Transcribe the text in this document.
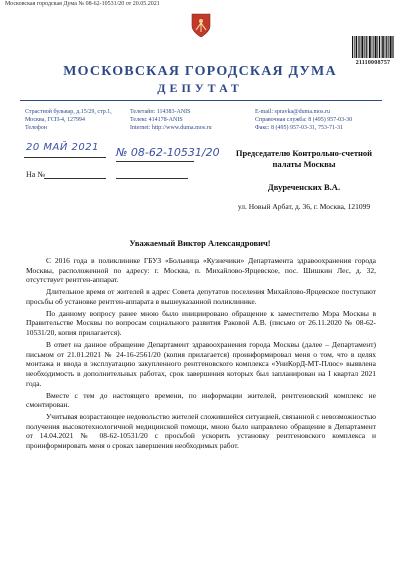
Московская городская Дума № 08-62-10531/20 от 20.05.2021
21110008757
МОСКОВСКАЯ ГОРОДСКАЯ ДУМА
ДЕПУТАТ
Страстной бульвар, д.15/29, стр.1,
Москва, ГСП-4, 127994
Телефон
Телетайп: 114383-ANIS
Телекс 414178-ANIS
Internet: http://www.duma.mos.ru
E-mail: spravka@duma.mos.ru
Справочная служба: 8 (495) 957-03-30
Факс: 8 (495) 957-03-31, 753-71-31
20 МАЙ 2021 № 08-62-10531/20
На №
Председателю Контрольно-счетной
палаты Москвы
Двуреченских В.А.
ул. Новый Арбат, д. 36, г. Москва, 121099
Уважаемый Виктор Александрович!

С 2016 года в поликлинике ГБУЗ «Больница «Кузнечики» Департамента здравоохранения города Москвы, расположенной по адресу: г. Москва, п. Михайлово-Ярцевское, пос. Шишкин Лес, д. 32, отсутствует рентген-аппарат.

Длительное время от жителей в адрес Совета депутатов поселения Михайлово-Ярцевское поступают просьбы об установке рентген-аппарата в вышеуказанной поликлинике.

По данному вопросу ранее мною было инициировано обращение к заместителю Мэра Москвы в Правительстве Москвы по вопросам социального развития Раковой А.В. (письмо от 26.11.2020 № 08-62-10531/20, копия прилагается).

В ответ на данное обращение Департамент здравоохранения города Москвы (далее – Департамент) письмом от 21.01.2021 № 24-16-2561/20 (копия прилагается) проинформировал меня о том, что в целях монтажа и ввода в эксплуатацию закупленного рентгеновского комплекса «УниКорД-МТ-Плюс» выявлена необходимость в дополнительных работах, срок завершения которых был запланирован на I квартал 2021 года.

Вместе с тем до настоящего времени, по информации жителей, рентгеновский комплекс не смонтирован.

Учитывая возрастающее недовольство жителей сложившейся ситуацией, связанной с невозможностью получения высокотехнологичной медицинской помощи, мною было направлено обращение в Департамент от 14.04.2021 № 08-62-10531/20 с просьбой ускорить установку рентгеновского комплекса и проинформировать меня о сроках завершения необходимых работ.
